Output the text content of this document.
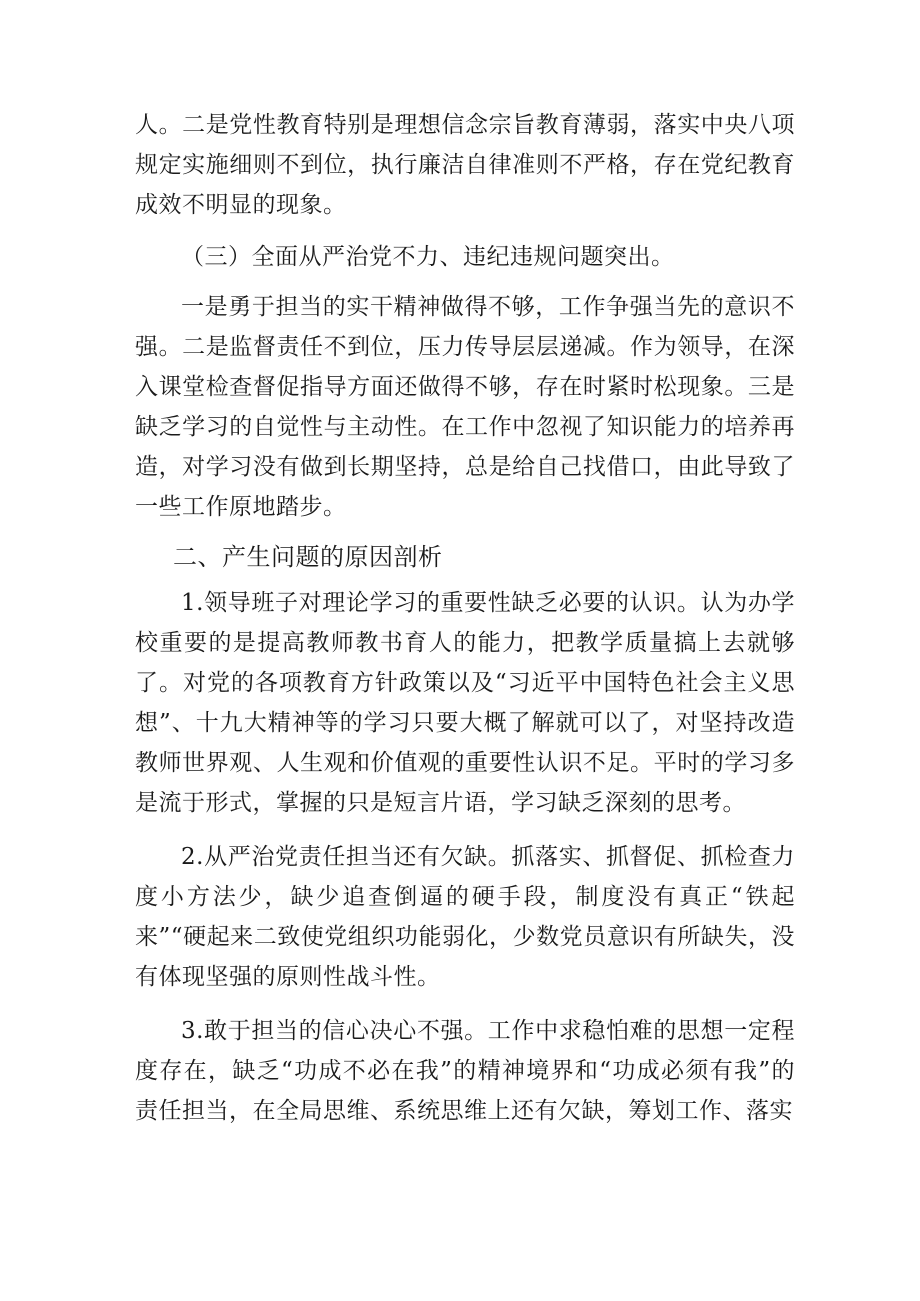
人。二是党性教育特别是理想信念宗旨教育薄弱，落实中央八项规定实施细则不到位，执行廉洁自律准则不严格，存在党纪教育成效不明显的现象。

（三）全面从严治党不力、违纪违规问题突出。

一是勇于担当的实干精神做得不够，工作争强当先的意识不强。二是监督责任不到位，压力传导层层递减。作为领导，在深入课堂检查督促指导方面还做得不够，存在时紧时松现象。三是缺乏学习的自觉性与主动性。在工作中忽视了知识能力的培养再造，对学习没有做到长期坚持，总是给自己找借口，由此导致了一些工作原地踏步。

二、产生问题的原因剖析

1.领导班子对理论学习的重要性缺乏必要的认识。认为办学校重要的是提高教师教书育人的能力，把教学质量搞上去就够了。对党的各项教育方针政策以及“习近平中国特色社会主义思想”、十九大精神等的学习只要大概了解就可以了，对坚持改造教师世界观、人生观和价值观的重要性认识不足。平时的学习多是流于形式，掌握的只是短言片语，学习缺乏深刻的思考。

2.从严治党责任担当还有欠缺。抓落实、抓督促、抓检查力度小方法少，缺少追查倒逼的硬手段，制度没有真正“铁起来”“硬起来二致使党组织功能弱化，少数党员意识有所缺失，没有体现坚强的原则性战斗性。

3.敢于担当的信心决心不强。工作中求稳怕难的思想一定程度存在，缺乏“功成不必在我”的精神境界和“功成必须有我”的责任担当，在全局思维、系统思维上还有欠缺，筹划工作、落实
